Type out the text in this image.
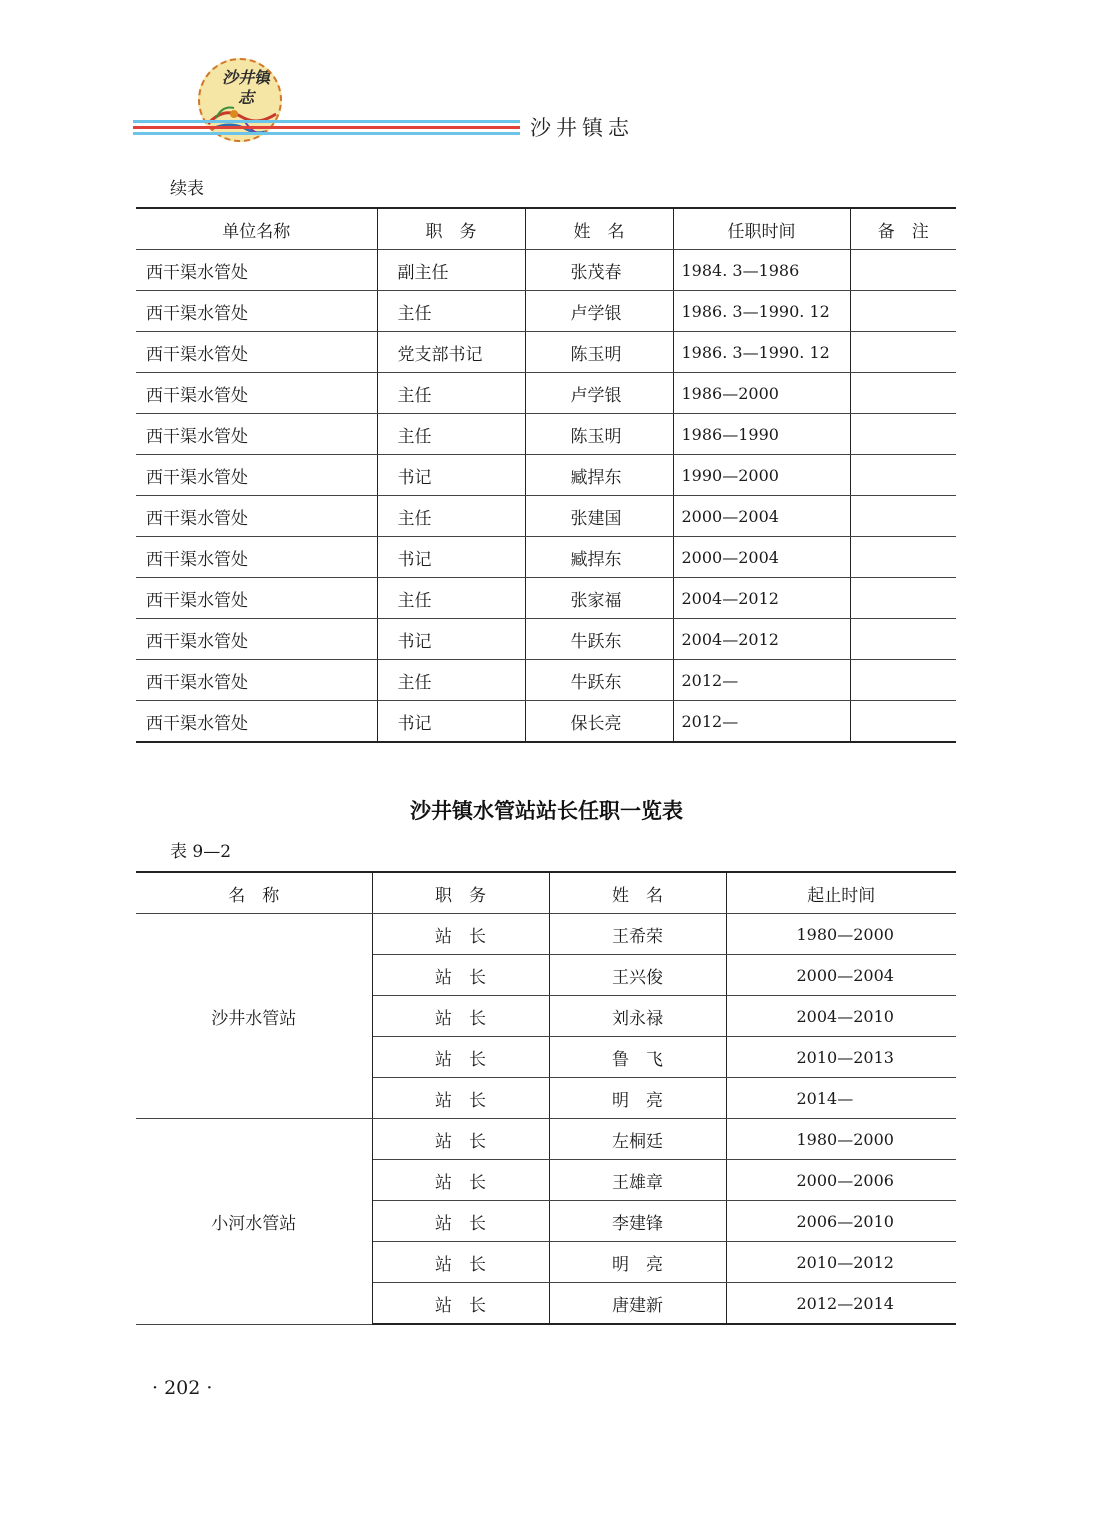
沙井镇志
沙井镇志
续表
单位名称	职　务	姓　名	任职时间	备　注
西干渠水管处	副主任	张茂春	1984. 3—1986	
西干渠水管处	主任	卢学银	1986. 3—1990. 12	
西干渠水管处	党支部书记	陈玉明	1986. 3—1990. 12	
西干渠水管处	主任	卢学银	1986—2000	
西干渠水管处	主任	陈玉明	1986—1990	
西干渠水管处	书记	臧捍东	1990—2000	
西干渠水管处	主任	张建国	2000—2004	
西干渠水管处	书记	臧捍东	2000—2004	
西干渠水管处	主任	张家福	2004—2012	
西干渠水管处	书记	牛跃东	2004—2012	
西干渠水管处	主任	牛跃东	2012—	
西干渠水管处	书记	保长亮	2012—	
沙井镇水管站站长任职一览表
表 9—2
名　称	职　务	姓　名	起止时间
沙井水管站	站　长	王希荣	1980—2000
	站　长	王兴俊	2000—2004
	站　长	刘永禄	2004—2010
	站　长	鲁　飞	2010—2013
	站　长	明　亮	2014—
小河水管站	站　长	左桐廷	1980—2000
	站　长	王雄章	2000—2006
	站　长	李建锋	2006—2010
	站　长	明　亮	2010—2012
	站　长	唐建新	2012—2014
· 202 ·
